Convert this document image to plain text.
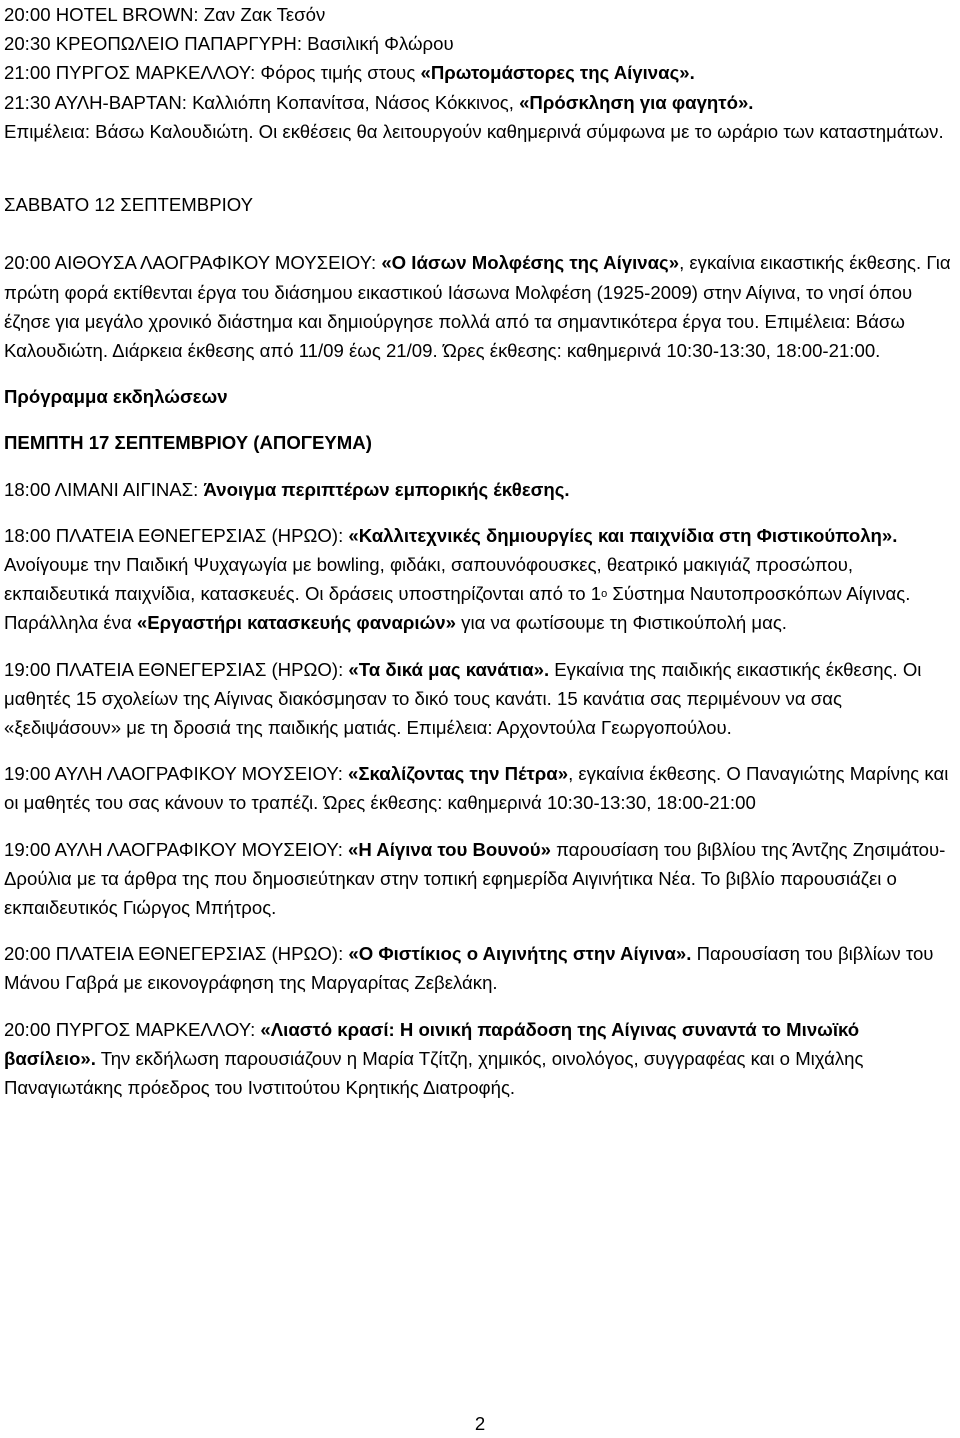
20:00 HOTEL BROWN: Ζαν Ζακ Τεσόν

20:30 ΚΡΕΟΠΩΛΕΙΟ ΠΑΠΑΡΓΥΡΗ: Βασιλική Φλώρου

21:00 ΠΥΡΓΟΣ ΜΑΡΚΕΛΛΟΥ: Φόρος τιμής στους «Πρωτομάστορες της Αίγινας».

21:30 ΑΥΛΗ-ΒΑΡΤΑΝ: Καλλιόπη Κοπανίτσα, Νάσος Κόκκινος, «Πρόσκληση για φαγητό».

Επιμέλεια: Βάσω Καλουδιώτη. Οι εκθέσεις θα λειτουργούν καθημερινά σύμφωνα με το ωράριο των καταστημάτων.

ΣΑΒΒΑΤΟ 12 ΣΕΠΤΕΜΒΡΙΟΥ

20:00 ΑΙΘΟΥΣΑ ΛΑΟΓΡΑΦΙΚΟΥ ΜΟΥΣΕΙΟΥ: «Ο Ιάσων Μολφέσης της Αίγινας», εγκαίνια εικαστικής έκθεσης. Για πρώτη φορά εκτίθενται έργα του διάσημου εικαστικού Ιάσωνα Μολφέση (1925-2009) στην Αίγινα, το νησί όπου έζησε για μεγάλο χρονικό διάστημα και δημιούργησε πολλά από τα σημαντικότερα έργα του. Επιμέλεια: Βάσω Καλουδιώτη. Διάρκεια έκθεσης από 11/09 έως 21/09. Ώρες έκθεσης: καθημερινά 10:30-13:30, 18:00-21:00.

Πρόγραμμα εκδηλώσεων

ΠΕΜΠΤΗ 17 ΣΕΠΤΕΜΒΡΙΟΥ (ΑΠΟΓΕΥΜΑ)

18:00 ΛΙΜΑΝΙ ΑΙΓΙΝΑΣ: Άνοιγμα περιπτέρων εμπορικής έκθεσης.

18:00 ΠΛΑΤΕΙΑ ΕΘΝΕΓΕΡΣΙΑΣ (ΗΡΩΟ): «Καλλιτεχνικές δημιουργίες και παιχνίδια στη Φιστικούπολη». Ανοίγουμε την Παιδική Ψυχαγωγία με bowling, φιδάκι, σαπουνόφουσκες, θεατρικό μακιγιάζ προσώπου, εκπαιδευτικά παιχνίδια, κατασκευές. Οι δράσεις υποστηρίζονται από το $1^o$ Σύστημα Ναυτοπροσκόπων Αίγινας. Παράλληλα ένα «Εργαστήρι κατασκευής φαναριών» για να φωτίσουμε τη Φιστικούπολή μας.

19:00 ΠΛΑΤΕΙΑ ΕΘΝΕΓΕΡΣΙΑΣ (ΗΡΩΟ): «Τα δικά μας κανάτια». Εγκαίνια της παιδικής εικαστικής έκθεσης. Οι μαθητές 15 σχολείων της Αίγινας διακόσμησαν το δικό τους κανάτι. 15 κανάτια σας περιμένουν να σας «ξεδιψάσουν» με τη δροσιά της παιδικής ματιάς. Επιμέλεια: Αρχοντούλα Γεωργοπούλου.

19:00 ΑΥΛΗ ΛΑΟΓΡΑΦΙΚΟΥ ΜΟΥΣΕΙΟΥ: «Σκαλίζοντας την Πέτρα», εγκαίνια έκθεσης. Ο Παναγιώτης Μαρίνης και οι μαθητές του σας κάνουν το τραπέζι. Ώρες έκθεσης: καθημερινά 10:30-13:30, 18:00-21:00

19:00 ΑΥΛΗ ΛΑΟΓΡΑΦΙΚΟΥ ΜΟΥΣΕΙΟΥ: «Η Αίγινα του Βουνού» παρουσίαση του βιβλίου της Άντζης Ζησιμάτου-Δρούλια με τα άρθρα της που δημοσιεύτηκαν στην τοπική εφημερίδα Αιγινήτικα Νέα. Το βιβλίο παρουσιάζει ο εκπαιδευτικός Γιώργος Μπήτρος.

20:00 ΠΛΑΤΕΙΑ ΕΘΝΕΓΕΡΣΙΑΣ (ΗΡΩΟ): «Ο Φιστίκιος ο Αιγινήτης στην Αίγινα». Παρουσίαση του βιβλίων του Μάνου Γαβρά με εικονογράφηση της Μαργαρίτας Ζεβελάκη.

20:00 ΠΥΡΓΟΣ ΜΑΡΚΕΛΛΟΥ: «Λιαστό κρασί: Η οινική παράδοση της Αίγινας συναντά το Μινωϊκό βασίλειο». Την εκδήλωση παρουσιάζουν η Μαρία Τζίτζη, χημικός, οινολόγος, συγγραφέας και ο Μιχάλης Παναγιωτάκης πρόεδρος του Ινστιτούτου Κρητικής Διατροφής.

2
